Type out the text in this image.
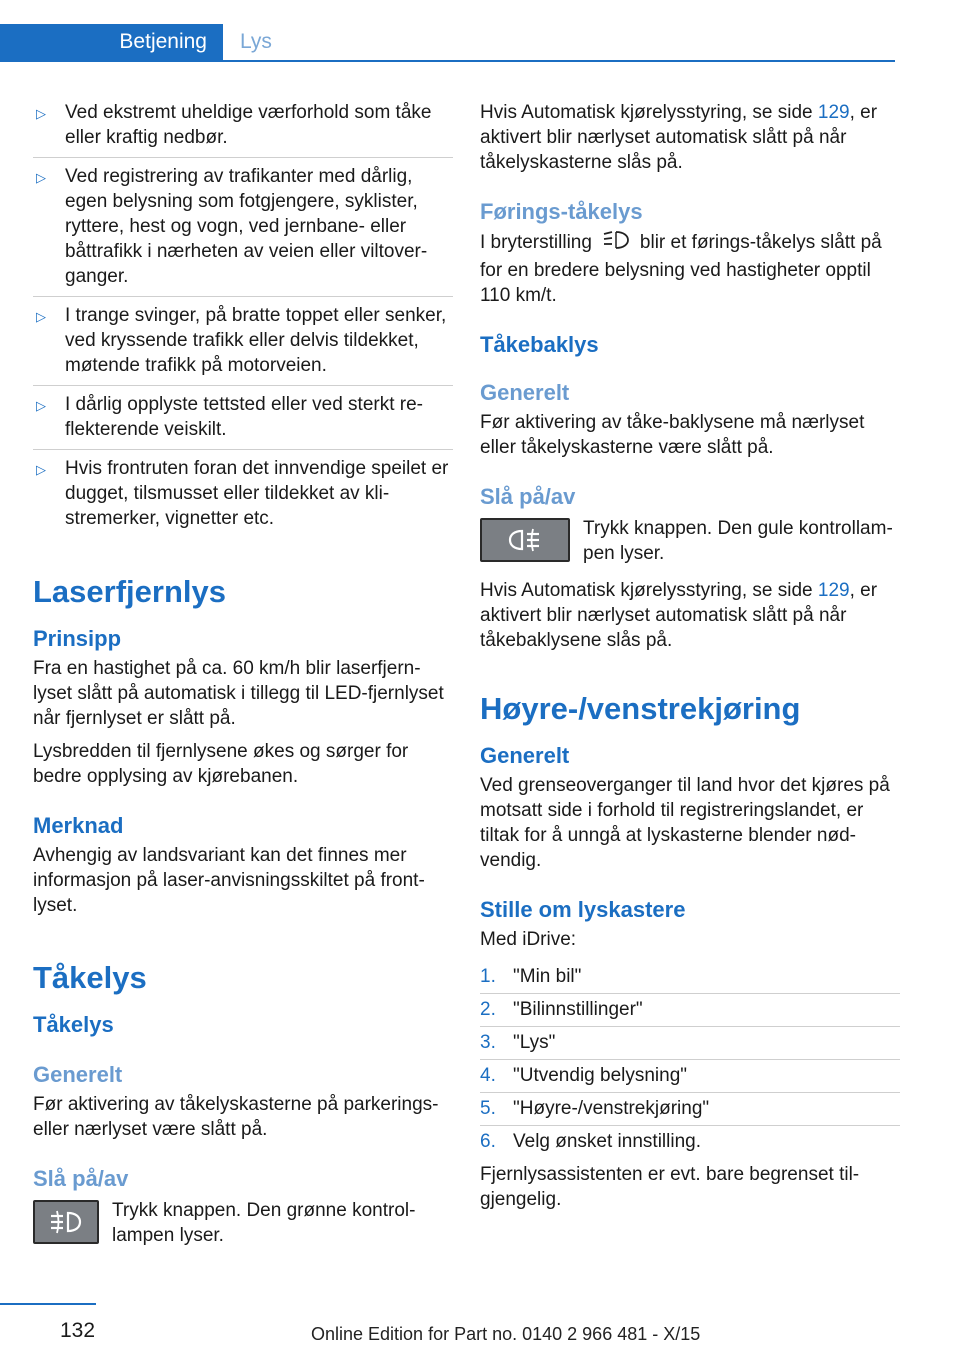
Betjening Lys
▷ Ved ekstremt uheldige værforhold som tåke eller kraftig nedbør.
▷ Ved registrering av trafikanter med dårlig, egen belysning som fotgjengere, syklister, ryttere, hest og vogn, ved jernbane- eller båttrafikk i nærheten av veien eller viltoverganger.
▷ I trange svinger, på bratte toppet eller senker, ved kryssende trafikk eller delvis tildekket, møtende trafikk på motorveien.
▷ I dårlig opplyste tettsted eller ved sterkt reflekterende veiskilt.
▷ Hvis frontruten foran det innvendige speilet er dugget, tilsmusset eller tildekket av klistremerker, vignetter etc.
Laserfjernlys
Prinsipp

Fra en hastighet på ca. 60 km/h blir laserfjernlyset slått på automatisk i tillegg til LED-fjernlyset når fjernlyset er slått på.

Lysbredden til fjernlysene økes og sørger for bedre opplysing av kjørebanen.

Merknad

Avhengig av landsvariant kan det finnes mer informasjon på laser-anvisningsskiltet på frontlyset.

Tåkelys
Tåkelys
Generelt

Før aktivering av tåkelyskasterne på parkerings- eller nærlyset være slått på.

Slå på/av
Trykk knappen. Den grønne kontrollampen lyser.

Hvis Automatisk kjørelysstyring, se side 129, er aktivert blir nærlyset automatisk slått på når tåkelyskasterne slås på.

Førings-tåkelys

I bryterstilling	blir et førings-tåkelys slått på for en bredere belysning ved hastigheter opptil 110 km/t.

Tåkebaklys
Generelt

Før aktivering av tåke-baklysene må nærlyset eller tåkelyskasterne være slått på.

Slå på/av
Trykk knappen. Den gule kontrollampen lyser.

Hvis Automatisk kjørelysstyring, se side 129, er aktivert blir nærlyset automatisk slått på når tåkebaklysene slås på.

Høyre-/venstrekjøring
Generelt

Ved grenseoverganger til land hvor det kjøres på motsatt side i forhold til registreringslandet, er tiltak for å unngå at lyskasterne blender nødvendig.

Stille om lyskastere

Med iDrive:

1. "Min bil"
2. "Bilinnstillinger"
3. "Lys"
4. "Utvendig belysning"
5. "Høyre-/venstrekjøring"
6. Velg ønsket innstilling.

Fjernlysassistenten er evt. bare begrenset tilgjengelig.

132	Online Edition for Part no. 0140 2 966 481 - X/15
